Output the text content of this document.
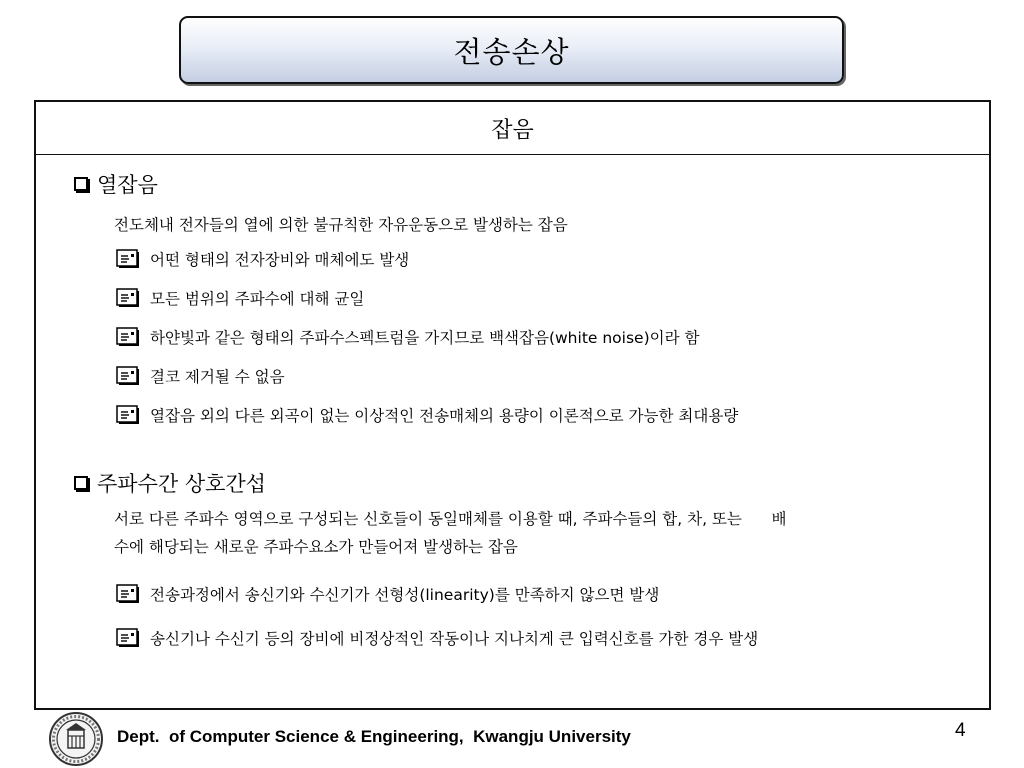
전송손상
잡음
열잡음
전도체내 전자들의 열에 의한 불규칙한 자유운동으로 발생하는 잡음
어떤 형태의 전자장비와 매체에도 발생
모든 범위의 주파수에 대해 균일
하얀빛과 같은 형태의 주파수스펙트럼을 가지므로 백색잡음(white noise)이라 함
결코 제거될 수 없음
열잡음 외의 다른 외곡이 없는 이상적인 전송매체의 용량이 이론적으로 가능한 최대용량
주파수간 상호간섭
서로 다른 주파수 영역으로 구성되는 신호들이 동일매체를 이용할 때, 주파수들의 합, 차, 또는      배
수에 해당되는 새로운 주파수요소가 만들어져 발생하는 잡음
전송과정에서 송신기와 수신기가 선형성(linearity)를 만족하지 않으면 발생
송신기나 수신기 등의 장비에 비정상적인 작동이나 지나치게 큰 입력신호를 가한 경우 발생
Dept.  of Computer Science & Engineering,  Kwangju University	4
